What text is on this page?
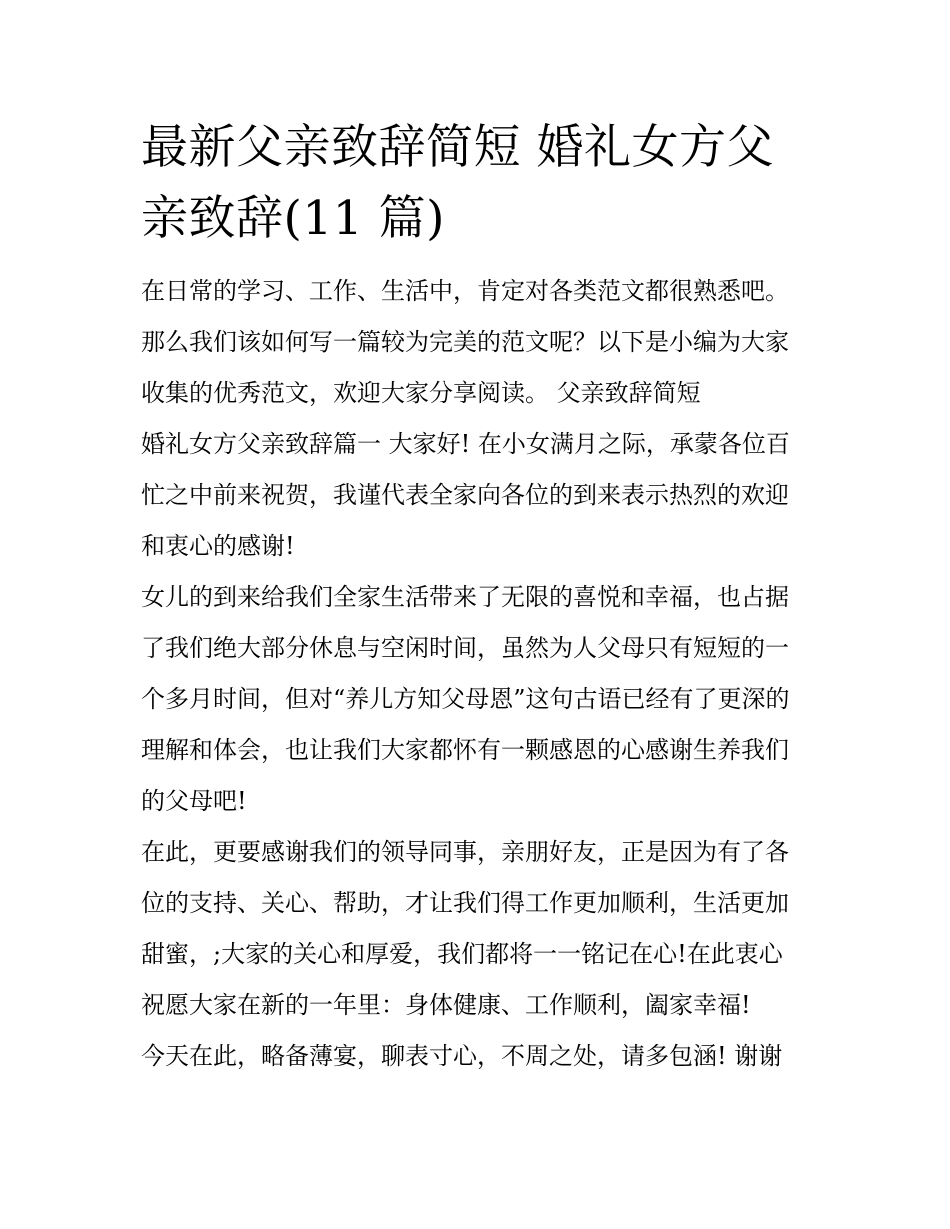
最新父亲致辞简短 婚礼女方父
亲致辞(11 篇)

在日常的学习、工作、生活中，肯定对各类范文都很熟悉吧。
那么我们该如何写一篇较为完美的范文呢？以下是小编为大家
收集的优秀范文，欢迎大家分享阅读。 父亲致辞简短

婚礼女方父亲致辞篇一 大家好! 在小女满月之际，承蒙各位百
忙之中前来祝贺，我谨代表全家向各位的到来表示热烈的欢迎
和衷心的感谢!

女儿的到来给我们全家生活带来了无限的喜悦和幸福，也占据
了我们绝大部分休息与空闲时间，虽然为人父母只有短短的一
个多月时间，但对“养儿方知父母恩”这句古语已经有了更深的
理解和体会，也让我们大家都怀有一颗感恩的心感谢生养我们
的父母吧!

在此，更要感谢我们的领导同事，亲朋好友，正是因为有了各
位的支持、关心、帮助，才让我们得工作更加顺利，生活更加
甜蜜，;大家的关心和厚爱，我们都将一一铭记在心!在此衷心
祝愿大家在新的一年里：身体健康、工作顺利，阖家幸福!

今天在此，略备薄宴，聊表寸心，不周之处，请多包涵! 谢谢
